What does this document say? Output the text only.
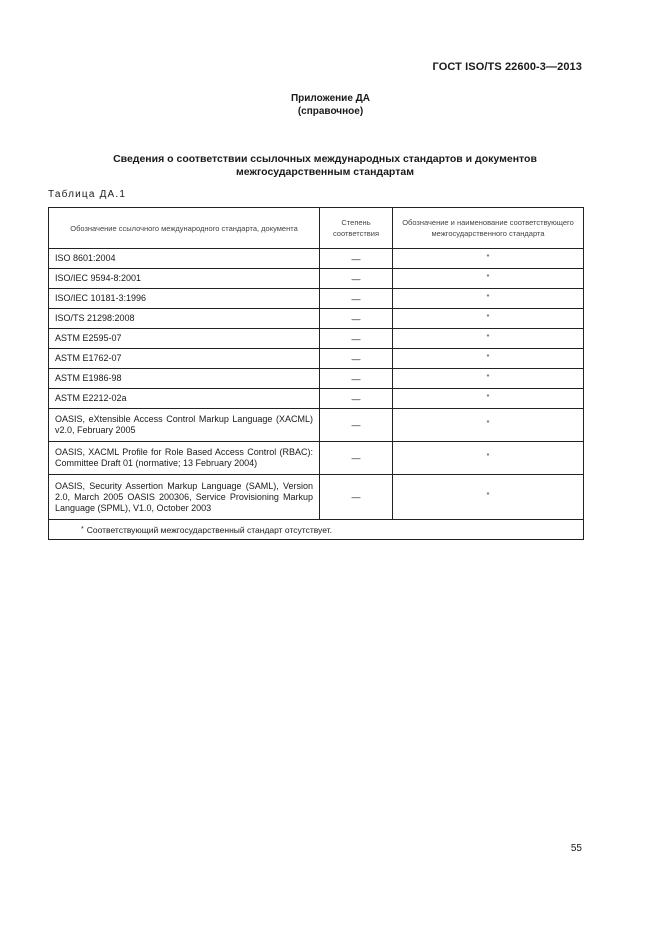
ГОСТ ISO/TS 22600-3—2013
Приложение ДА
(справочное)
Сведения о соответствии ссылочных международных стандартов и документов
межгосударственным стандартам
Таблица ДА.1
Обозначение ссылочного международного стандарта, документа	Степень соответствия	Обозначение и наименование соответствующего межгосударственного стандарта
ISO 8601:2004	—	*
ISO/IEC 9594-8:2001	—	*
ISO/IEC 10181-3:1996	—	*
ISO/TS 21298:2008	—	*
ASTM E2595-07	—	*
ASTM E1762-07	—	*
ASTM E1986-98	—	*
ASTM E2212-02a	—	*
OASIS, eXtensible Access Control Markup Language (XACML) v2.0, February 2005	—	*
OASIS, XACML Profile for Role Based Access Control (RBAC): Committee Draft 01 (normative; 13 February 2004)	—	*
OASIS, Security Assertion Markup Language (SAML), Version 2.0, March 2005 OASIS 200306, Service Provisioning Markup Language (SPML), V1.0, October 2003	—	*
* Соответствующий межгосударственный стандарт отсутствует.		
55
